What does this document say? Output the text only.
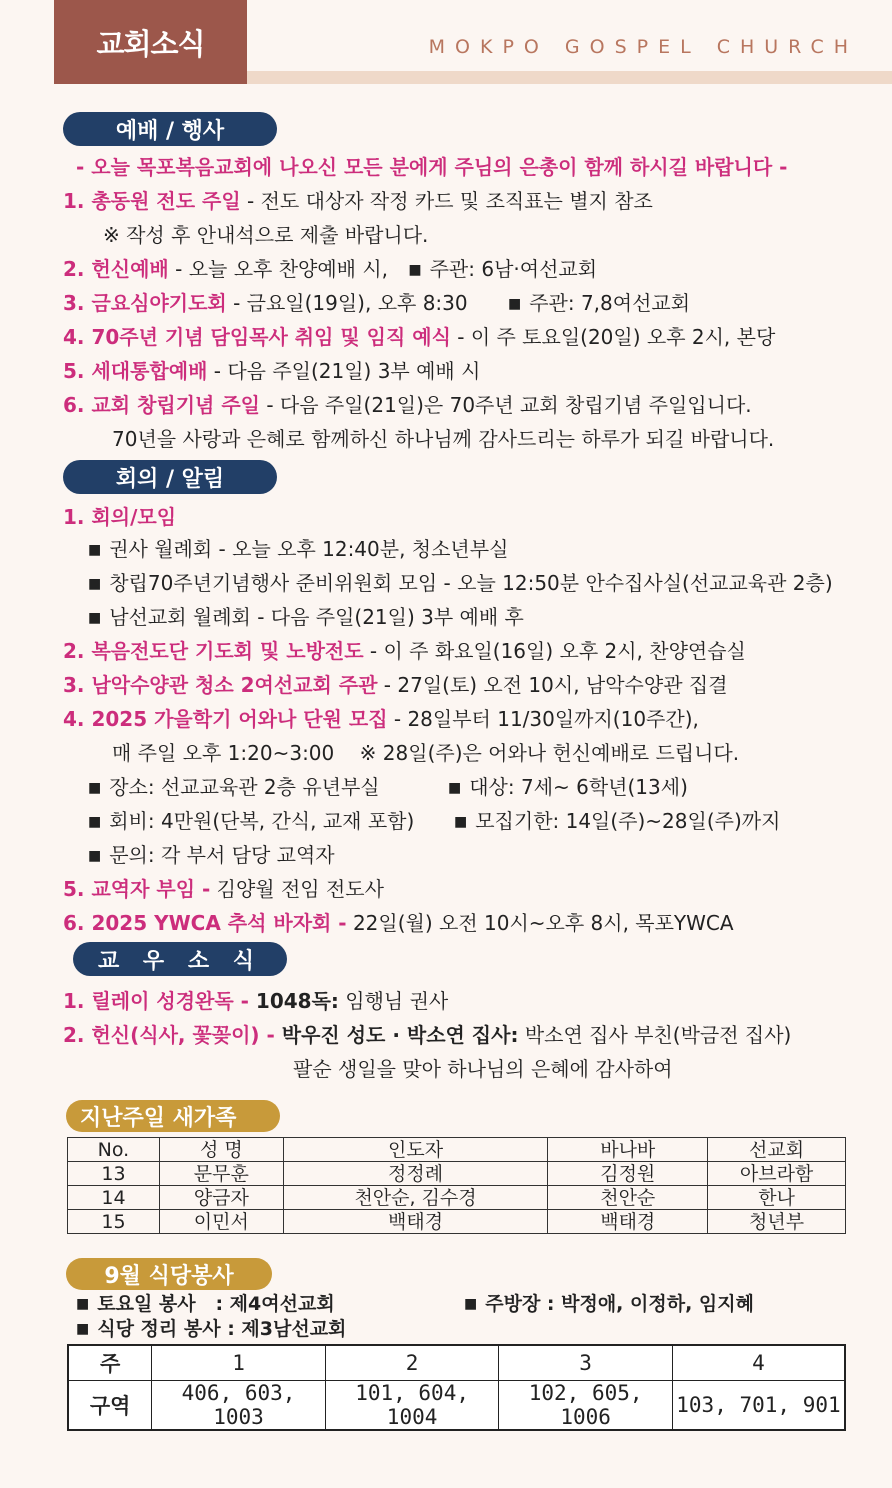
교회소식	MOKPO GOSPEL CHURCH
예배 / 행사
- 오늘 목포복음교회에 나오신 모든 분에게 주님의 은총이 함께 하시길 바랍니다 -
1. 총동원 전도 주일 - 전도 대상자 작정 카드 및 조직표는 별지 참조
※ 작성 후 안내석으로 제출 바랍니다.
2. 헌신예배 - 오늘 오후 찬양예배 시, ■ 주관: 6남·여선교회
3. 금요심야기도회 - 금요일(19일), 오후 8:30	■ 주관: 7,8여선교회
4. 70주년 기념 담임목사 취임 및 임직 예식 - 이 주 토요일(20일) 오후 2시, 본당
5. 세대통합예배 - 다음 주일(21일) 3부 예배 시
6. 교회 창립기념 주일 - 다음 주일(21일)은 70주년 교회 창립기념 주일입니다.
70년을 사랑과 은혜로 함께하신 하나님께 감사드리는 하루가 되길 바랍니다.
회의 / 알림
1. 회의/모임
■ 권사 월례회 - 오늘 오후 12:40분, 청소년부실
■ 창립70주년기념행사 준비위원회 모임 - 오늘 12:50분 안수집사실(선교교육관 2층)
■ 남선교회 월례회 - 다음 주일(21일) 3부 예배 후
2. 복음전도단 기도회 및 노방전도 - 이 주 화요일(16일) 오후 2시, 찬양연습실
3. 남악수양관 청소 2여선교회 주관 - 27일(토) 오전 10시, 남악수양관 집결
4. 2025 가을학기 어와나 단원 모집 - 28일부터 11/30일까지(10주간),
매 주일 오후 1:20~3:00    ※ 28일(주)은 어와나 헌신예배로 드립니다.
■ 장소: 선교교육관 2층 유년부실	■ 대상: 7세~ 6학년(13세)
■ 회비: 4만원(단복, 간식, 교재 포함)	■ 모집기한: 14일(주)~28일(주)까지
■ 문의: 각 부서 담당 교역자
5. 교역자 부임 - 김양월 전임 전도사
6. 2025 YWCA 추석 바자회 - 22일(월) 오전 10시~오후 8시, 목포YWCA
교 우 소 식
1. 릴레이 성경완독 - 1048독: 임행님 권사
2. 헌신(식사, 꽃꽂이) - 박우진 성도 · 박소연 집사: 박소연 집사 부친(박금전 집사)
팔순 생일을 맞아 하나님의 은혜에 감사하여
지난주일 새가족
No.	성 명	인도자	바나바	선교회
13	문무훈	정정례	김정원	아브라함
14	양금자	천안순, 김수경	천안순	한나
15	이민서	백태경	백태경	청년부
9월 식당봉사
■ 토요일 봉사   : 제4여선교회	■ 주방장 : 박정애, 이정하, 임지혜
■ 식당 정리 봉사 : 제3남선교회
주	1	2	3	4
구역	406, 603, 1003	101, 604, 1004	102, 605, 1006	103, 701, 901
